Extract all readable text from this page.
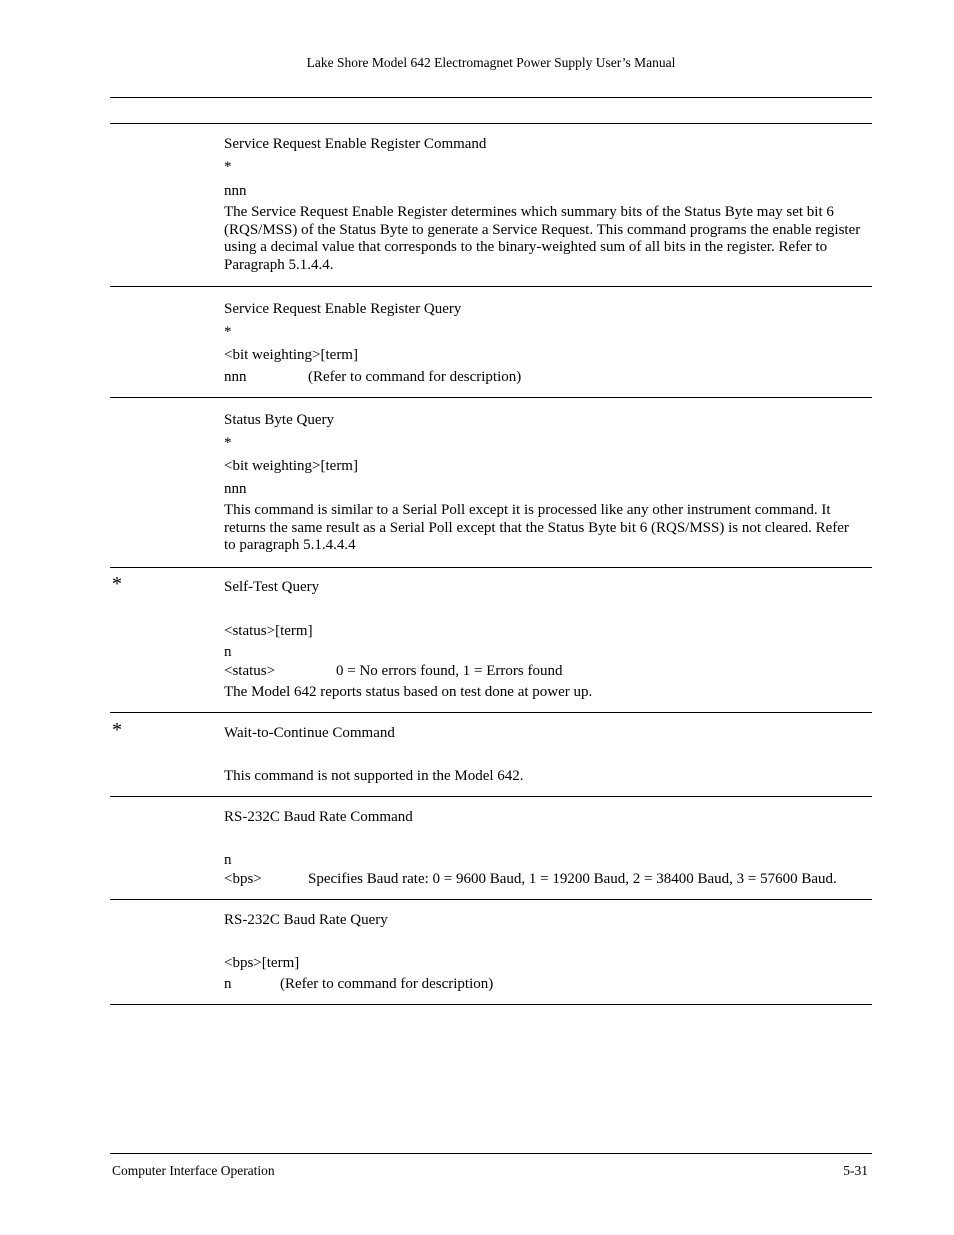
Lake Shore Model 642 Electromagnet Power Supply User’s Manual
Service Request Enable Register Command
*
nnn
The Service Request Enable Register determines which summary bits of the Status Byte may set bit 6 (RQS/MSS) of the Status Byte to generate a Service Request. This command programs the enable register using a decimal value that corresponds to the binary-weighted sum of all bits in the register. Refer to Paragraph 5.1.4.4.
Service Request Enable Register Query
*
<bit weighting>[term]
nnn	(Refer to command for description)
Status Byte Query
*
<bit weighting>[term]
nnn
This command is similar to a Serial Poll except it is processed like any other instrument command. It returns the same result as a Serial Poll except that the Status Byte bit 6 (RQS/MSS) is not cleared. Refer to paragraph 5.1.4.4.4
*	Self-Test Query
<status>[term]
n
<status>	0 = No errors found, 1 = Errors found
The Model 642 reports status based on test done at power up.
*	Wait-to-Continue Command
This command is not supported in the Model 642.
RS-232C Baud Rate Command
n
<bps>	Specifies Baud rate: 0 = 9600 Baud, 1 = 19200 Baud, 2 = 38400 Baud, 3 = 57600 Baud.
RS-232C Baud Rate Query
<bps>[term]
n	(Refer to command for description)
Computer Interface Operation	5-31
